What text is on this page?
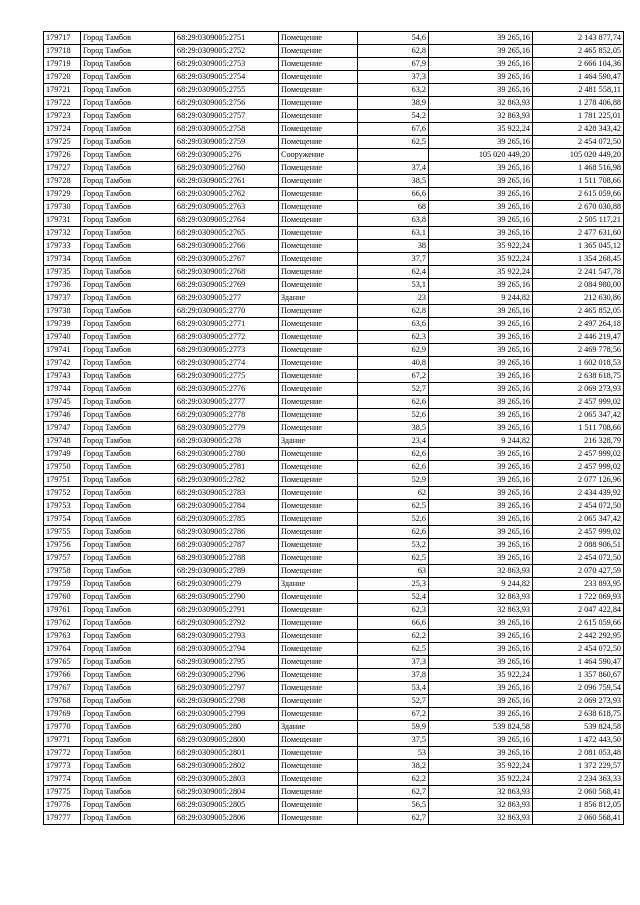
179717	Город Тамбов	68:29:0309005:2751	Помещение	54,6	39 265,16	2 143 877,74
179718	Город Тамбов	68:29:0309005:2752	Помещение	62,8	39 265,16	2 465 852,05
179719	Город Тамбов	68:29:0309005:2753	Помещение	67,9	39 265,16	2 666 104,36
179720	Город Тамбов	68:29:0309005:2754	Помещение	37,3	39 265,16	1 464 590,47
179721	Город Тамбов	68:29:0309005:2755	Помещение	63,2	39 265,16	2 481 558,11
179722	Город Тамбов	68:29:0309005:2756	Помещение	38,9	32 863,93	1 278 406,88
179723	Город Тамбов	68:29:0309005:2757	Помещение	54,2	32 863,93	1 781 225,01
179724	Город Тамбов	68:29:0309005:2758	Помещение	67,6	35 922,24	2 428 343,42
179725	Город Тамбов	68:29:0309005:2759	Помещение	62,5	39 265,16	2 454 072,50
179726	Город Тамбов	68:29:0309005:276	Сооружение		105 020 449,20	105 020 449,20
179727	Город Тамбов	68:29:0309005:2760	Помещение	37,4	39 265,16	1 468 516,98
179728	Город Тамбов	68:29:0309005:2761	Помещение	38,5	39 265,16	1 511 708,66
179729	Город Тамбов	68:29:0309005:2762	Помещение	66,6	39 265,16	2 615 059,66
179730	Город Тамбов	68:29:0309005:2763	Помещение	68	39 265,16	2 670 030,88
179731	Город Тамбов	68:29:0309005:2764	Помещение	63,8	39 265,16	2 505 117,21
179732	Город Тамбов	68:29:0309005:2765	Помещение	63,1	39 265,16	2 477 631,60
179733	Город Тамбов	68:29:0309005:2766	Помещение	38	35 922,24	1 365 045,12
179734	Город Тамбов	68:29:0309005:2767	Помещение	37,7	35 922,24	1 354 268,45
179735	Город Тамбов	68:29:0309005:2768	Помещение	62,4	35 922,24	2 241 547,78
179736	Город Тамбов	68:29:0309005:2769	Помещение	53,1	39 265,16	2 084 980,00
179737	Город Тамбов	68:29:0309005:277	Здание	23	9 244,82	212 630,86
179738	Город Тамбов	68:29:0309005:2770	Помещение	62,8	39 265,16	2 465 852,05
179739	Город Тамбов	68:29:0309005:2771	Помещение	63,6	39 265,16	2 497 264,18
179740	Город Тамбов	68:29:0309005:2772	Помещение	62,3	39 265,16	2 446 219,47
179741	Город Тамбов	68:29:0309005:2773	Помещение	62,9	39 265,16	2 469 778,56
179742	Город Тамбов	68:29:0309005:2774	Помещение	40,8	39 265,16	1 602 018,53
179743	Город Тамбов	68:29:0309005:2775	Помещение	67,2	39 265,16	2 638 618,75
179744	Город Тамбов	68:29:0309005:2776	Помещение	52,7	39 265,16	2 069 273,93
179745	Город Тамбов	68:29:0309005:2777	Помещение	62,6	39 265,16	2 457 999,02
179746	Город Тамбов	68:29:0309005:2778	Помещение	52,6	39 265,16	2 065 347,42
179747	Город Тамбов	68:29:0309005:2779	Помещение	38,5	39 265,16	1 511 708,66
179748	Город Тамбов	68:29:0309005:278	Здание	23,4	9 244,82	216 328,79
179749	Город Тамбов	68:29:0309005:2780	Помещение	62,6	39 265,16	2 457 999,02
179750	Город Тамбов	68:29:0309005:2781	Помещение	62,6	39 265,16	2 457 999,02
179751	Город Тамбов	68:29:0309005:2782	Помещение	52,9	39 265,16	2 077 126,96
179752	Город Тамбов	68:29:0309005:2783	Помещение	62	39 265,16	2 434 439,92
179753	Город Тамбов	68:29:0309005:2784	Помещение	62,5	39 265,16	2 454 072,50
179754	Город Тамбов	68:29:0309005:2785	Помещение	52,6	39 265,16	2 065 347,42
179755	Город Тамбов	68:29:0309005:2786	Помещение	62,6	39 265,16	2 457 999,02
179756	Город Тамбов	68:29:0309005:2787	Помещение	53,2	39 265,16	2 088 906,51
179757	Город Тамбов	68:29:0309005:2788	Помещение	62,5	39 265,16	2 454 072,50
179758	Город Тамбов	68:29:0309005:2789	Помещение	63	32 863,93	2 070 427,59
179759	Город Тамбов	68:29:0309005:279	Здание	25,3	9 244,82	233 893,95
179760	Город Тамбов	68:29:0309005:2790	Помещение	52,4	32 863,93	1 722 069,93
179761	Город Тамбов	68:29:0309005:2791	Помещение	62,3	32 863,93	2 047 422,84
179762	Город Тамбов	68:29:0309005:2792	Помещение	66,6	39 265,16	2 615 059,66
179763	Город Тамбов	68:29:0309005:2793	Помещение	62,2	39 265,16	2 442 292,95
179764	Город Тамбов	68:29:0309005:2794	Помещение	62,5	39 265,16	2 454 072,50
179765	Город Тамбов	68:29:0309005:2795	Помещение	37,3	39 265,16	1 464 590,47
179766	Город Тамбов	68:29:0309005:2796	Помещение	37,8	35 922,24	1 357 860,67
179767	Город Тамбов	68:29:0309005:2797	Помещение	53,4	39 265,16	2 096 759,54
179768	Город Тамбов	68:29:0309005:2798	Помещение	52,7	39 265,16	2 069 273,93
179769	Город Тамбов	68:29:0309005:2799	Помещение	67,2	39 265,16	2 638 618,75
179770	Город Тамбов	68:29:0309005:280	Здание	59,9	539 824,58	539 824,58
179771	Город Тамбов	68:29:0309005:2800	Помещение	37,5	39 265,16	1 472 443,50
179772	Город Тамбов	68:29:0309005:2801	Помещение	53	39 265,16	2 081 053,48
179773	Город Тамбов	68:29:0309005:2802	Помещение	38,2	35 922,24	1 372 229,57
179774	Город Тамбов	68:29:0309005:2803	Помещение	62,2	35 922,24	2 234 363,33
179775	Город Тамбов	68:29:0309005:2804	Помещение	62,7	32 863,93	2 060 568,41
179776	Город Тамбов	68:29:0309005:2805	Помещение	56,5	32 863,93	1 856 812,05
179777	Город Тамбов	68:29:0309005:2806	Помещение	62,7	32 863,93	2 060 568,41
